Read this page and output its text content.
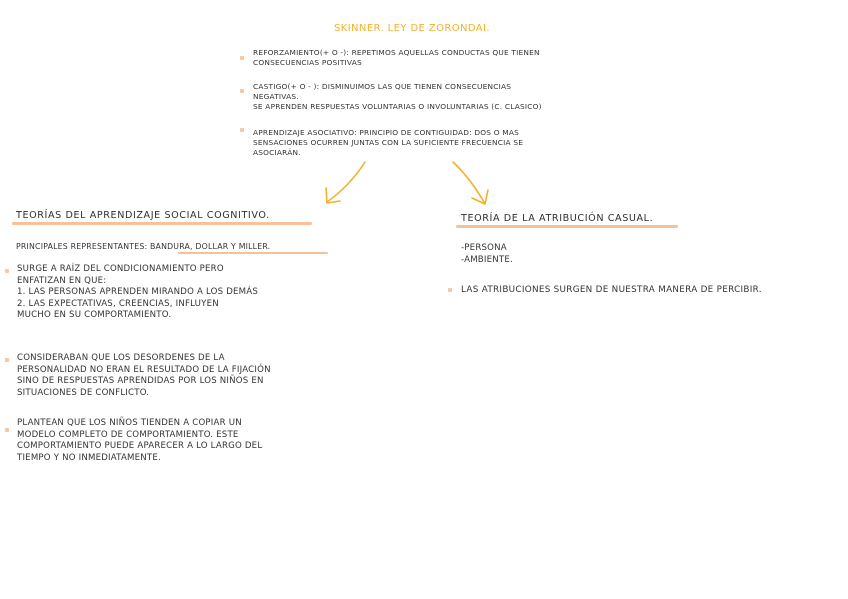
SKINNER. LEY DE ZORONDAI.
REFORZAMIENTO(+ O -): REPETIMOS AQUELLAS CONDUCTAS QUE TIENEN
CONSECUENCIAS POSITIVAS
CASTIGO(+ O - ): DISMINUIMOS LAS QUE TIENEN CONSECUENCIAS
NEGATIVAS.
SE APRENDEN RESPUESTAS VOLUNTARIAS O INVOLUNTARIAS (C. CLASICO)
APRENDIZAJE ASOCIATIVO: PRINCIPIO DE CONTIGUIDAD: DOS O MAS
SENSACIONES OCURREN JUNTAS CON LA SUFICIENTE FRECUENCIA SE
ASOCIARÁN.
TEORÍAS DEL APRENDIZAJE SOCIAL COGNITIVO.
PRINCIPALES REPRESENTANTES: BANDURA, DOLLAR Y MILLER.
SURGE A RAÍZ DEL CONDICIONAMIENTO PERO
ENFATIZAN EN QUE:
1. LAS PERSONAS APRENDEN MIRANDO A LOS DEMÁS
2. LAS EXPECTATIVAS, CREENCIAS, INFLUYEN
MUCHO EN SU COMPORTAMIENTO.
CONSIDERABAN QUE LOS DESORDENES DE LA
PERSONALIDAD NO ERAN EL RESULTADO DE LA FIJACIÓN
SINO DE RESPUESTAS APRENDIDAS POR LOS NIÑOS EN
SITUACIONES DE CONFLICTO.
PLANTEAN QUE LOS NIÑOS TIENDEN A COPIAR UN
MODELO COMPLETO DE COMPORTAMIENTO. ESTE
COMPORTAMIENTO PUEDE APARECER A LO LARGO DEL
TIEMPO Y NO INMEDIATAMENTE.
TEORÍA DE LA ATRIBUCIÓN CASUAL.
-PERSONA
-AMBIENTE.
LAS ATRIBUCIONES SURGEN DE NUESTRA MANERA DE PERCIBIR.
